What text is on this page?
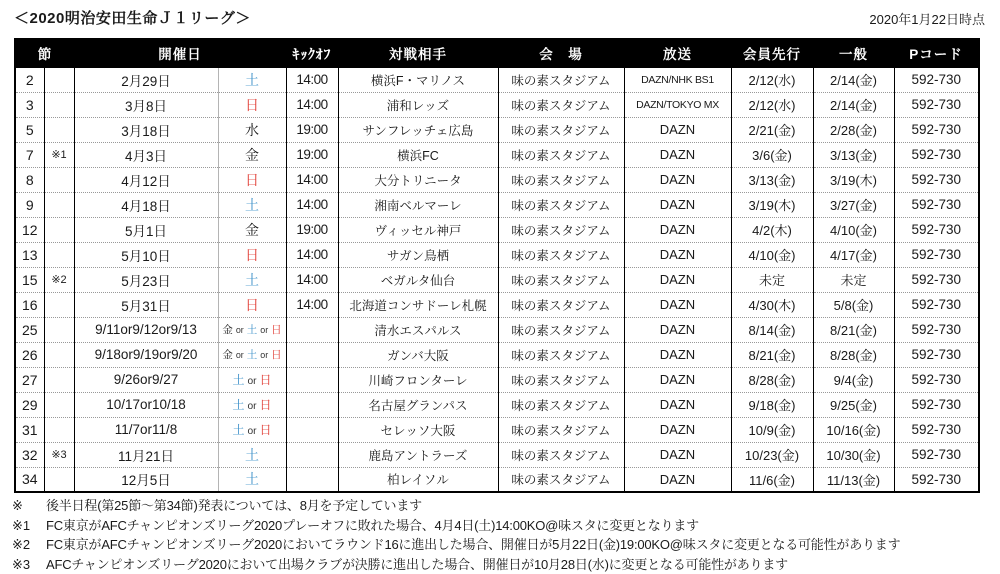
＜2020明治安田生命Ｊ１リーグ＞	2020年1月22日時点
節		開催日		ｷｯｸｵﾌ	対戦相手	会　場	放送	会員先行	一般	Pコード
2		2月29日	土	14:00	横浜F・マリノス	味の素スタジアム	DAZN/NHK BS1	2/12(水)	2/14(金)	592-730
3		3月8日	日	14:00	浦和レッズ	味の素スタジアム	DAZN/TOKYO MX	2/12(水)	2/14(金)	592-730
5		3月18日	水	19:00	サンフレッチェ広島	味の素スタジアム	DAZN	2/21(金)	2/28(金)	592-730
7	※1	4月3日	金	19:00	横浜FC	味の素スタジアム	DAZN	3/6(金)	3/13(金)	592-730
8		4月12日	日	14:00	大分トリニータ	味の素スタジアム	DAZN	3/13(金)	3/19(木)	592-730
9		4月18日	土	14:00	湘南ベルマーレ	味の素スタジアム	DAZN	3/19(木)	3/27(金)	592-730
12		5月1日	金	19:00	ヴィッセル神戸	味の素スタジアム	DAZN	4/2(木)	4/10(金)	592-730
13		5月10日	日	14:00	サガン鳥栖	味の素スタジアム	DAZN	4/10(金)	4/17(金)	592-730
15	※2	5月23日	土	14:00	ベガルタ仙台	味の素スタジアム	DAZN	未定	未定	592-730
16		5月31日	日	14:00	北海道コンサドーレ札幌	味の素スタジアム	DAZN	4/30(木)	5/8(金)	592-730
25		9/11or9/12or9/13	金 or 土 or 日		清水エスパルス	味の素スタジアム	DAZN	8/14(金)	8/21(金)	592-730
26		9/18or9/19or9/20	金 or 土 or 日		ガンバ大阪	味の素スタジアム	DAZN	8/21(金)	8/28(金)	592-730
27		9/26or9/27	土 or 日		川崎フロンターレ	味の素スタジアム	DAZN	8/28(金)	9/4(金)	592-730
29		10/17or10/18	土 or 日		名古屋グランパス	味の素スタジアム	DAZN	9/18(金)	9/25(金)	592-730
31		11/7or11/8	土 or 日		セレッソ大阪	味の素スタジアム	DAZN	10/9(金)	10/16(金)	592-730
32	※3	11月21日	土		鹿島アントラーズ	味の素スタジアム	DAZN	10/23(金)	10/30(金)	592-730
34		12月5日	土		柏レイソル	味の素スタジアム	DAZN	11/6(金)	11/13(金)	592-730
※	後半日程(第25節～第34節)発表については、8月を予定しています
※1	FC東京がAFCチャンピオンズリーグ2020プレーオフに敗れた場合、4月4日(土)14:00KO@味スタに変更となります
※2	FC東京がAFCチャンピオンズリーグ2020においてラウンド16に進出した場合、開催日が5月22日(金)19:00KO@味スタに変更となる可能性があります
※3	AFCチャンピオンズリーグ2020において出場クラブが決勝に進出した場合、開催日が10月28日(水)に変更となる可能性があります
